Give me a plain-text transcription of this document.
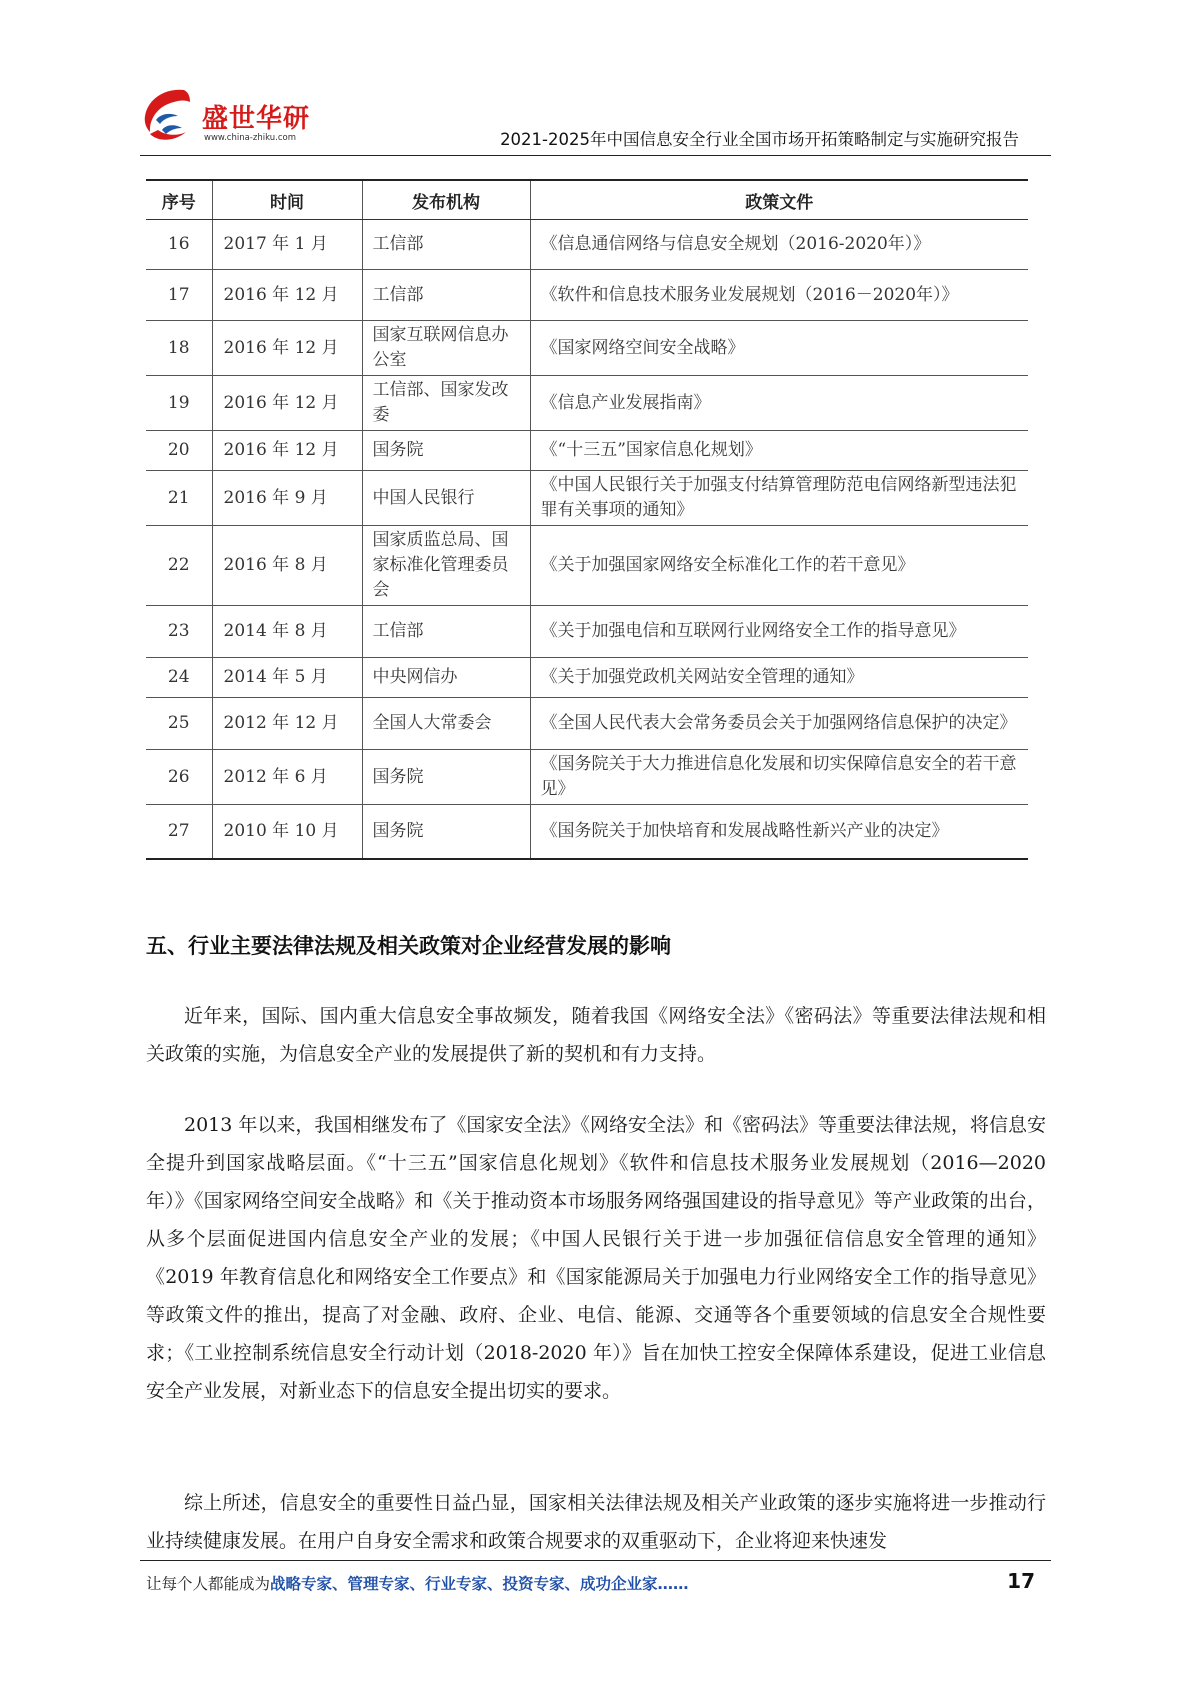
盛世华研
www.china-zhiku.com	2021-2025年中国信息安全行业全国市场开拓策略制定与实施研究报告
序号	时间	发布机构	政策文件
16	2017 年 1 月	工信部	《信息通信网络与信息安全规划（2016-2020年）》
17	2016 年 12 月	工信部	《软件和信息技术服务业发展规划（2016－2020年）》
18	2016 年 12 月	国家互联网信息办公室	《国家网络空间安全战略》
19	2016 年 12 月	工信部、国家发改委	《信息产业发展指南》
20	2016 年 12 月	国务院	《“十三五”国家信息化规划》
21	2016 年 9 月	中国人民银行	《中国人民银行关于加强支付结算管理防范电信网络新型违法犯罪有关事项的通知》
22	2016 年 8 月	国家质监总局、国家标准化管理委员会	《关于加强国家网络安全标准化工作的若干意见》
23	2014 年 8 月	工信部	《关于加强电信和互联网行业网络安全工作的指导意见》
24	2014 年 5 月	中央网信办	《关于加强党政机关网站安全管理的通知》
25	2012 年 12 月	全国人大常委会	《全国人民代表大会常务委员会关于加强网络信息保护的决定》
26	2012 年 6 月	国务院	《国务院关于大力推进信息化发展和切实保障信息安全的若干意见》
27	2010 年 10 月	国务院	《国务院关于加快培育和发展战略性新兴产业的决定》
五、行业主要法律法规及相关政策对企业经营发展的影响

近年来，国际、国内重大信息安全事故频发，随着我国《网络安全法》《密码法》等重要法律法规和相关政策的实施，为信息安全产业的发展提供了新的契机和有力支持。

2013 年以来，我国相继发布了《国家安全法》《网络安全法》和《密码法》等重要法律法规，将信息安全提升到国家战略层面。《“十三五”国家信息化规划》《软件和信息技术服务业发展规划（2016—2020 年）》《国家网络空间安全战略》和《关于推动资本市场服务网络强国建设的指导意见》等产业政策的出台，从多个层面促进国内信息安全产业的发展；《中国人民银行关于进一步加强征信信息安全管理的通知》《2019 年教育信息化和网络安全工作要点》和《国家能源局关于加强电力行业网络安全工作的指导意见》等政策文件的推出，提高了对金融、政府、企业、电信、能源、交通等各个重要领域的信息安全合规性要求；《工业控制系统信息安全行动计划（2018-2020 年）》旨在加快工控安全保障体系建设，促进工业信息安全产业发展，对新业态下的信息安全提出切实的要求。

综上所述，信息安全的重要性日益凸显，国家相关法律法规及相关产业政策的逐步实施将进一步推动行业持续健康发展。在用户自身安全需求和政策合规要求的双重驱动下，企业将迎来快速发

让每个人都能成为战略专家、管理专家、行业专家、投资专家、成功企业家……	17
